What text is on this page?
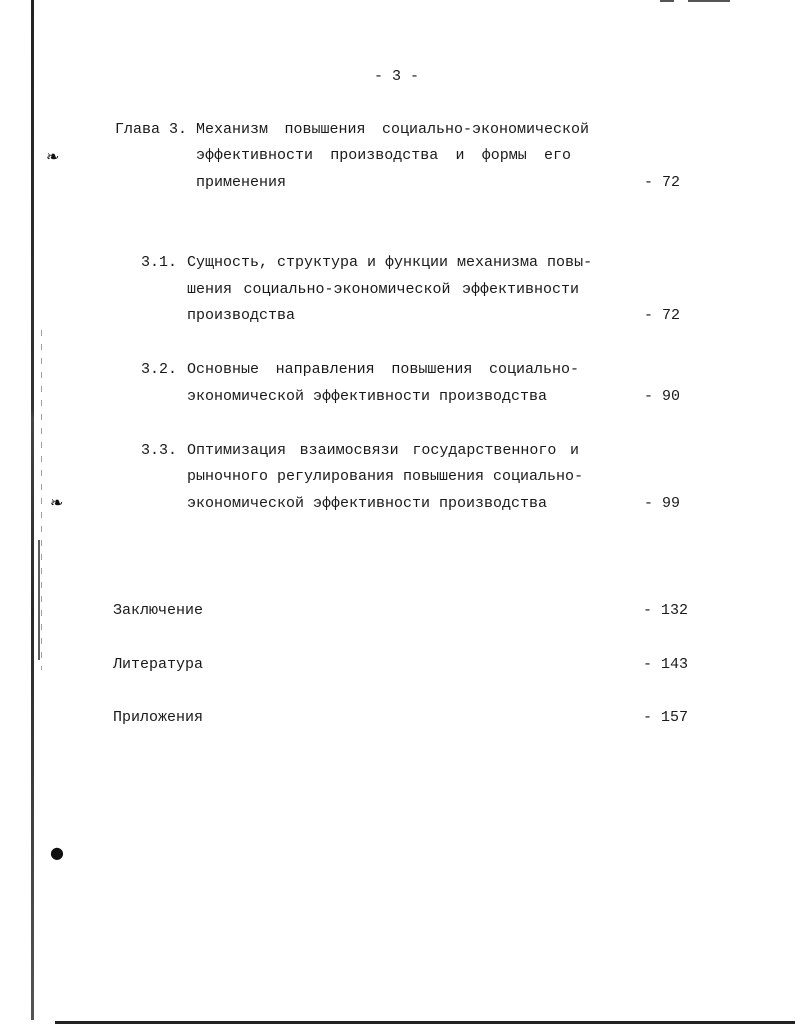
❧
❧
●
- 3 -
Глава 3. Механизм повышения социально-экономической
эффективности производства и формы его
применения	- 72
3.1. Сущность, структура и функции механизма повы-
шения социально-экономической эффективности
производства	- 72
3.2. Основные направления повышения социально-
экономической эффективности производства	- 90
3.3. Оптимизация взаимосвязи государственного и
рыночного регулирования повышения социально-
экономической эффективности производства	- 99
Заключение	- 132
Литература	- 143
Приложения	- 157
